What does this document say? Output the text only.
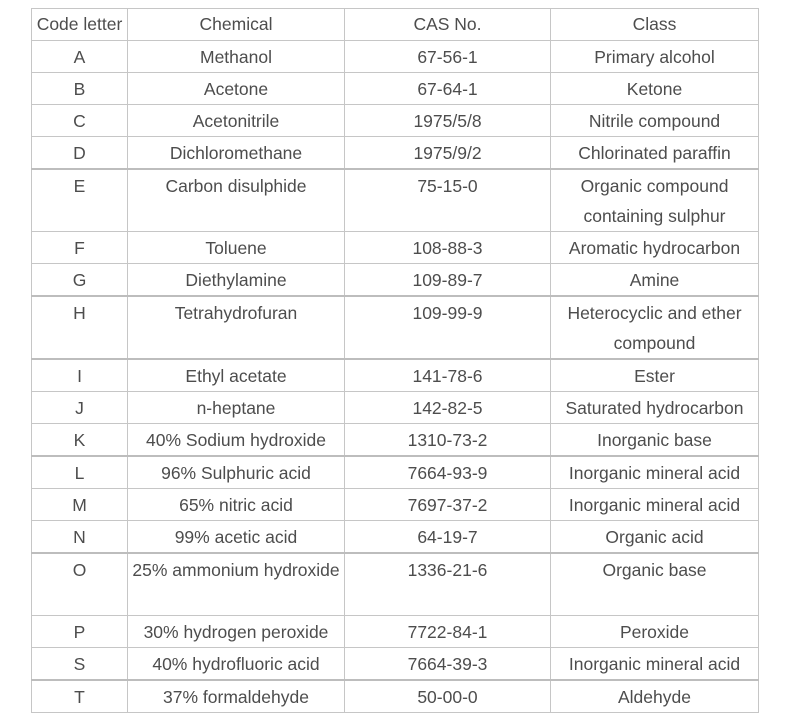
Code letter	Chemical	CAS No.	Class
A	Methanol	67-56-1	Primary alcohol
B	Acetone	67-64-1	Ketone
C	Acetonitrile	1975/5/8	Nitrile compound
D	Dichloromethane	1975/9/2	Chlorinated paraffin
E	Carbon disulphide	75-15-0	Organic compound containing sulphur
F	Toluene	108-88-3	Aromatic hydrocarbon
G	Diethylamine	109-89-7	Amine
H	Tetrahydrofuran	109-99-9	Heterocyclic and ether compound
I	Ethyl acetate	141-78-6	Ester
J	n-heptane	142-82-5	Saturated hydrocarbon
K	40% Sodium hydroxide	1310-73-2	Inorganic base
L	96% Sulphuric acid	7664-93-9	Inorganic mineral acid
M	65% nitric acid	7697-37-2	Inorganic mineral acid
N	99% acetic acid	64-19-7	Organic acid
O	25% ammonium hydroxide	1336-21-6	Organic base
P	30% hydrogen peroxide	7722-84-1	Peroxide
S	40% hydrofluoric acid	7664-39-3	Inorganic mineral acid
T	37% formaldehyde	50-00-0	Aldehyde
